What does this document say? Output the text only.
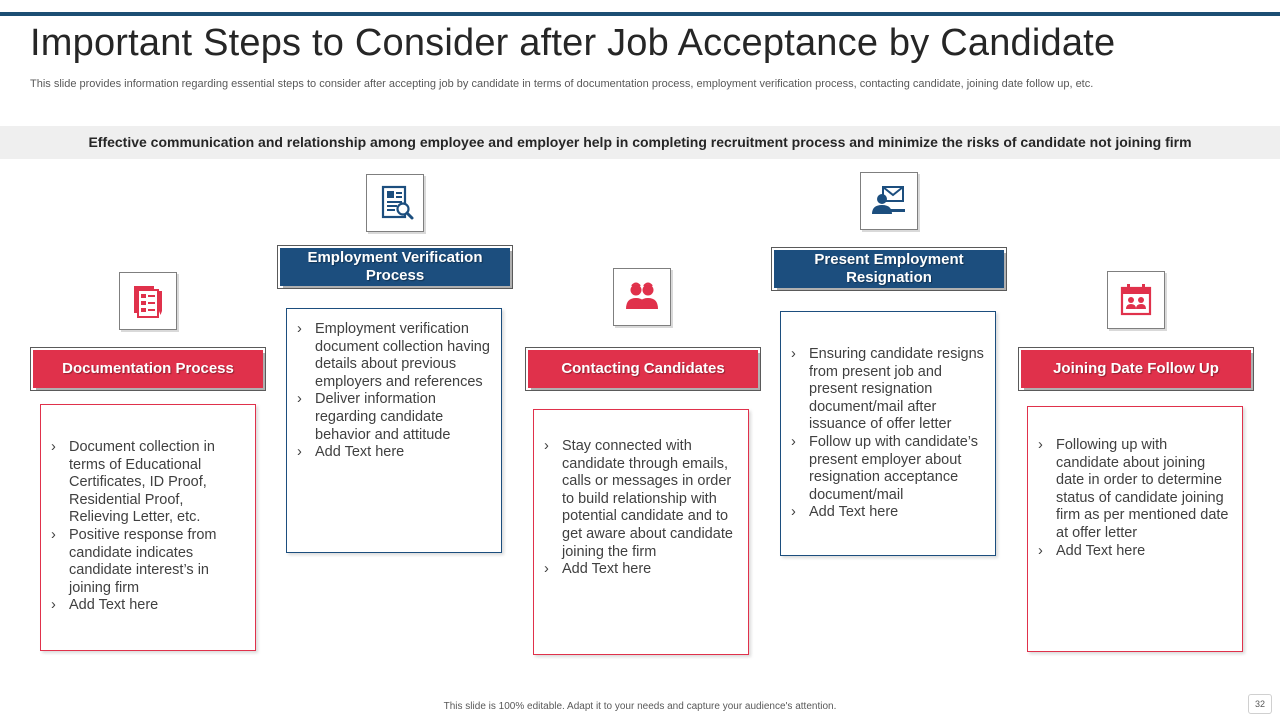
Important Steps to Consider after Job Acceptance by Candidate
This slide provides information regarding essential steps to consider after accepting job by candidate in terms of documentation process, employment verification process, contacting candidate, joining date follow up, etc.
Effective communication and relationship among employee and employer help in completing recruitment process and minimize the risks of candidate not joining firm
Documentation Process
› Document collection in terms of Educational Certificates, ID Proof, Residential Proof, Relieving Letter, etc.
› Positive response from candidate indicates candidate interest’s in joining firm
› Add Text here
Employment Verification Process
› Employment verification document collection having details about previous employers and references
› Deliver information regarding candidate behavior and attitude
› Add Text here
Contacting Candidates
› Stay connected with candidate through emails, calls or messages in order to build relationship with potential candidate and to get aware about candidate joining the firm
› Add Text here
Present Employment Resignation
› Ensuring candidate resigns from present job and present resignation document/mail after issuance of offer letter
› Follow up with candidate’s present employer about resignation acceptance document/mail
› Add Text here
Joining Date Follow Up
› Following up with candidate about joining date in order to determine status of candidate joining firm as per mentioned date at offer letter
› Add Text here
This slide is 100% editable. Adapt it to your needs and capture your audience's attention.	32
